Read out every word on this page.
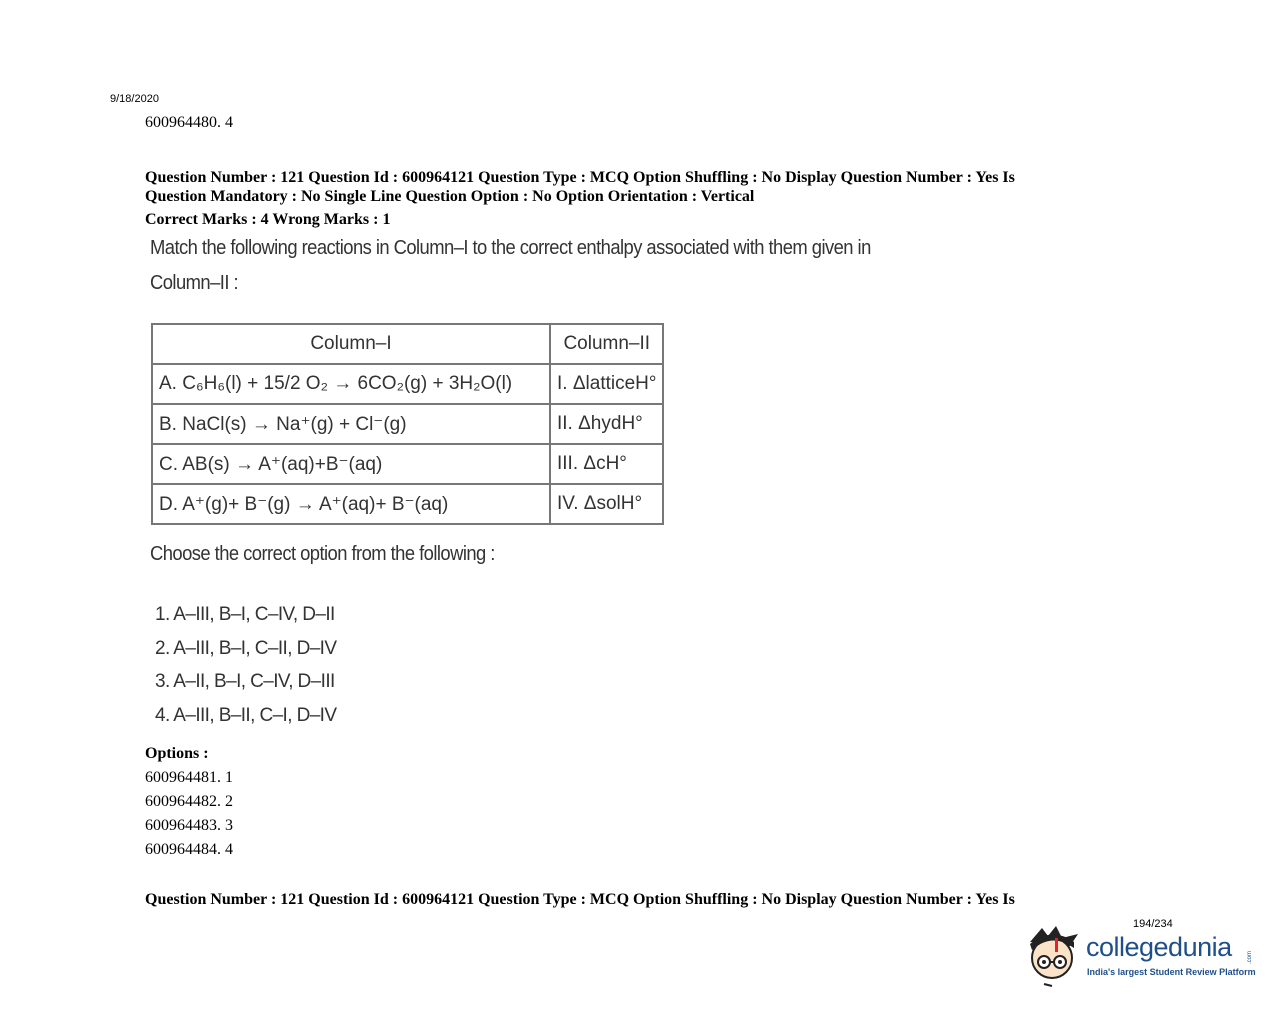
9/18/2020
600964480. 4
Question Number : 121 Question Id : 600964121 Question Type : MCQ Option Shuffling : No Display Question Number : Yes Is
Question Mandatory : No Single Line Question Option : No Option Orientation : Vertical
Correct Marks : 4 Wrong Marks : 1
Match the following reactions in Column–I to the correct enthalpy associated with them given in
Column–II :
Column–I	Column–II
A. C₆H₆(l) + 15/2 O₂ → 6CO₂(g) + 3H₂O(l)	I. ΔlatticeH°
B. NaCl(s) → Na⁺(g) + Cl⁻(g)	II. ΔhydH°
C. AB(s) → A⁺(aq)+B⁻(aq)	III. ΔcH°
D. A⁺(g)+ B⁻(g) → A⁺(aq)+ B⁻(aq)	IV. ΔsolH°
Choose the correct option from the following :
1. A–III, B–I, C–IV, D–II
2. A–III, B–I, C–II, D–IV
3. A–II, B–I, C–IV, D–III
4. A–III, B–II, C–I, D–IV
Options :
600964481. 1
600964482. 2
600964483. 3
600964484. 4
Question Number : 121 Question Id : 600964121 Question Type : MCQ Option Shuffling : No Display Question Number : Yes Is
194/234
.com
collegedunia
India's largest Student Review Platform
